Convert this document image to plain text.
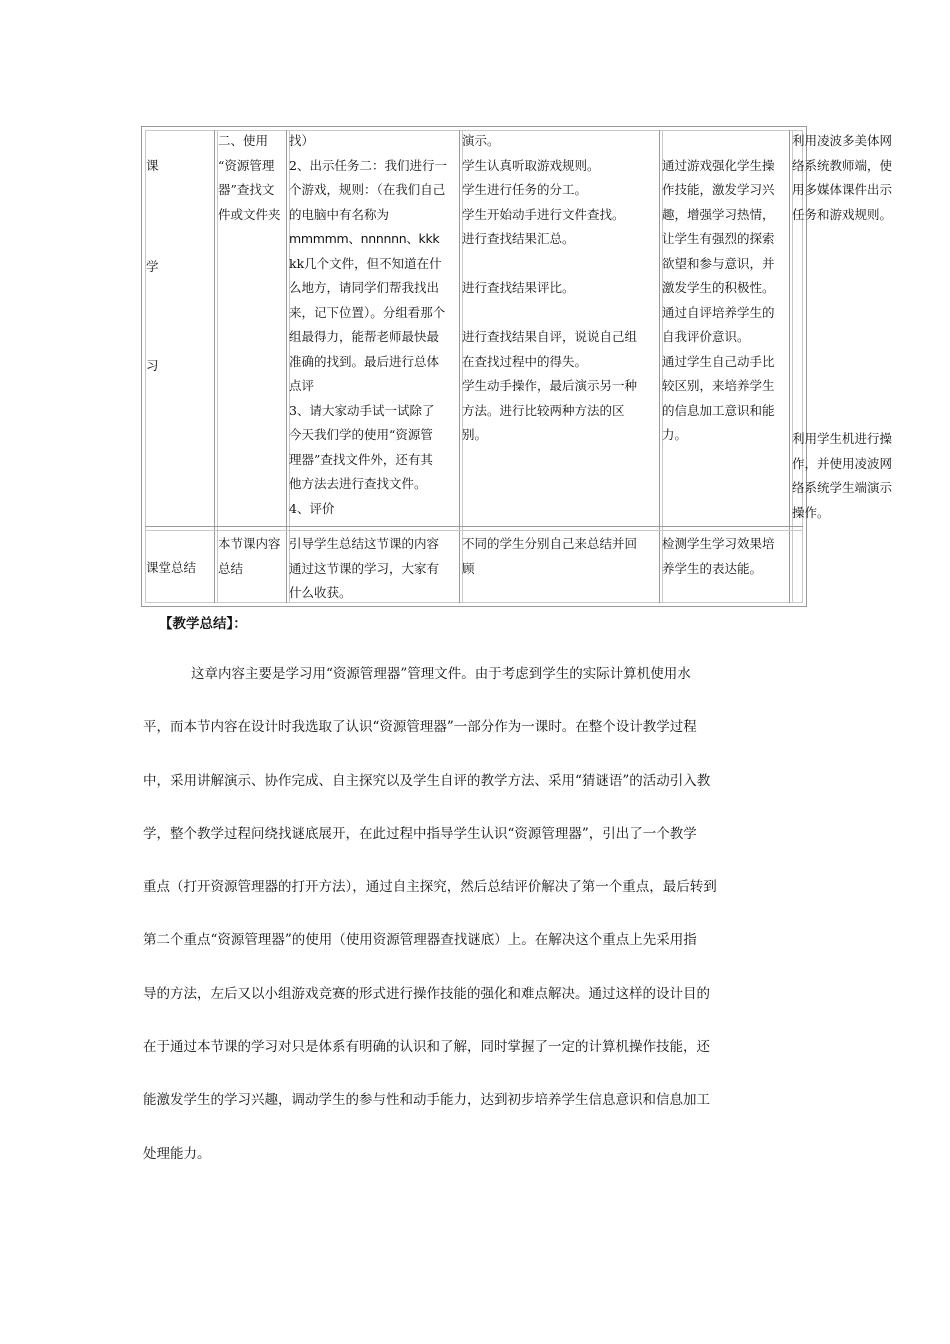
课
学
习

二、使用

“资源管理

器”查找文

件或文件夹

找）

2、出示任务二：我们进行一

个游戏，规则：（在我们自己

的电脑中有名称为

mmmmm、nnnnnn、kkk

kk几个文件，但不知道在什

么地方，请同学们帮我找出

来，记下位置）。分组看那个

组最得力，能帮老师最快最

准确的找到。最后进行总体

点评

3、请大家动手试一试除了

今天我们学的使用“资源管

理器”查找文件外，还有其

他方法去进行查找文件。

4、评价

演示。

学生认真听取游戏规则。

学生进行任务的分工。

学生开始动手进行文件查找。

进行查找结果汇总。

进行查找结果评比。

进行查找结果自评，说说自己组

在查找过程中的得失。

学生动手操作，最后演示另一种

方法。进行比较两种方法的区

别。

通过游戏强化学生操

作技能，激发学习兴

趣，增强学习热情，

让学生有强烈的探索

欲望和参与意识，并

激发学生的积极性。

通过自评培养学生的

自我评价意识。

通过学生自己动手比

较区别，来培养学生

的信息加工意识和能

力。

利用凌波多美体网

络系统教师端，使

用多媒体课件出示

任务和游戏规则。

利用学生机进行操

作，并使用凌波网

络系统学生端演示

操作。

课堂总结

本节课内容

总结

引导学生总结这节课的内容

通过这节课的学习，大家有

什么收获。

不同的学生分别自己来总结并回

顾

检测学生学习效果培

养学生的表达能。

【教学总结】：

这章内容主要是学习用“资源管理器”管理文件。由于考虑到学生的实际计算机使用水

平，而本节内容在设计时我选取了认识“资源管理器”一部分作为一课时。在整个设计教学过程

中，采用讲解演示、协作完成、自主探究以及学生自评的教学方法、采用“猜谜语”的活动引入教

学，整个教学过程问绕找谜底展开，在此过程中指导学生认识“资源管理器”，引出了一个教学

重点（打开资源管理器的打开方法），通过自主探究，然后总结评价解决了第一个重点，最后转到

第二个重点“资源管理器”的使用（使用资源管理器查找谜底）上。在解决这个重点上先采用指

导的方法，左后又以小组游戏竞赛的形式进行操作技能的强化和难点解决。通过这样的设计目的

在于通过本节课的学习对只是体系有明确的认识和了解，同时掌握了一定的计算机操作技能，还

能激发学生的学习兴趣，调动学生的参与性和动手能力，达到初步培养学生信息意识和信息加工

处理能力。
